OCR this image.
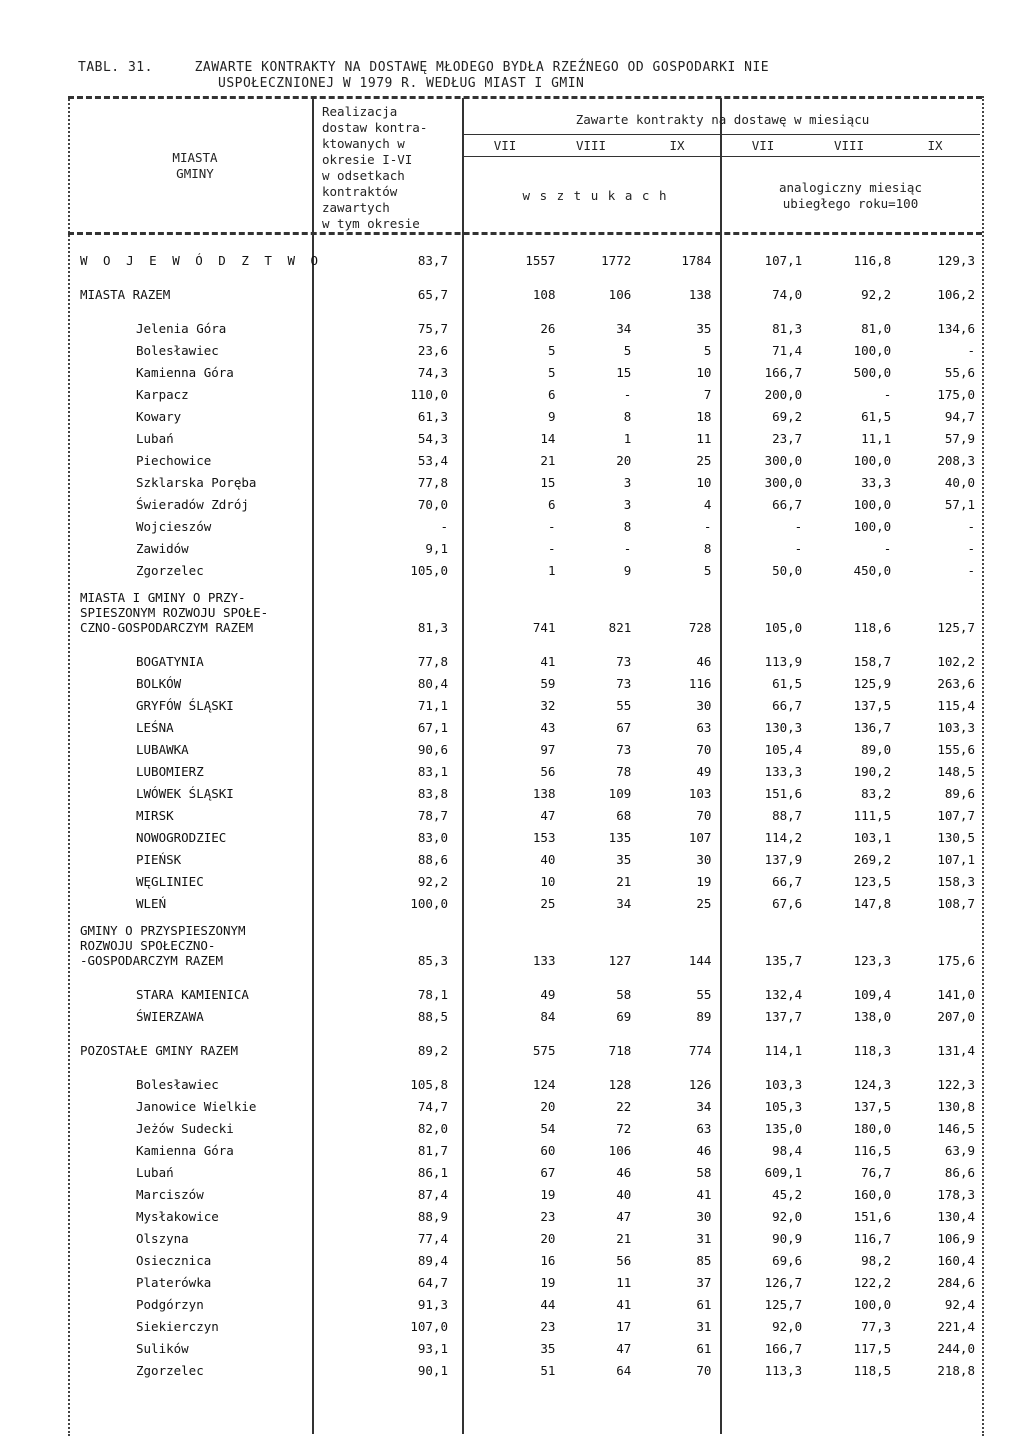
TABL. 31.     ZAWARTE KONTRAKTY NA DOSTAWĘ MŁODEGO BYDŁA RZEŹNEGO OD GOSPODARKI NIE
USPOŁECZNIONEJ W 1979 R. WEDŁUG MIAST I GMIN
MIASTA
GMINY
Realizacja
dostaw kontra-
ktowanych w
okresie I-VI
w odsetkach
kontraktów
zawartych
w tym okresie
Zawarte kontrakty na dostawę w miesiącu
VII	VIII	IX	VII	VIII	IX
w s z t u k a c h
analogiczny miesiąc
ubiegłego roku=100
W O J E W Ó D Z T W O	83,7	1557	1772	1784	107,1	116,8	129,3

MIASTA RAZEM	65,7	108	106	138	74,0	92,2	106,2

Jelenia Góra	75,7	26	34	35	81,3	81,0	134,6
Bolesławiec	23,6	5	5	5	71,4	100,0	-
Kamienna Góra	74,3	5	15	10	166,7	500,0	55,6
Karpacz	110,0	6	-	7	200,0	-	175,0
Kowary	61,3	9	8	18	69,2	61,5	94,7
Lubań	54,3	14	1	11	23,7	11,1	57,9
Piechowice	53,4	21	20	25	300,0	100,0	208,3
Szklarska Poręba	77,8	15	3	10	300,0	33,3	40,0
Świeradów Zdrój	70,0	6	3	4	66,7	100,0	57,1
Wojcieszów	-	-	8	-	-	100,0	-
Zawidów	9,1	-	-	8	-	-	-
Zgorzelec	105,0	1	9	5	50,0	450,0	-

MIASTA I GMINY O PRZY-
SPIESZONYM ROZWOJU SPOŁE-
CZNO-GOSPODARCZYM RAZEM	81,3	741	821	728	105,0	118,6	125,7

BOGATYNIA	77,8	41	73	46	113,9	158,7	102,2
BOLKÓW	80,4	59	73	116	61,5	125,9	263,6
GRYFÓW ŚLĄSKI	71,1	32	55	30	66,7	137,5	115,4
LEŚNA	67,1	43	67	63	130,3	136,7	103,3
LUBAWKA	90,6	97	73	70	105,4	89,0	155,6
LUBOMIERZ	83,1	56	78	49	133,3	190,2	148,5
LWÓWEK ŚLĄSKI	83,8	138	109	103	151,6	83,2	89,6
MIRSK	78,7	47	68	70	88,7	111,5	107,7
NOWOGRODZIEC	83,0	153	135	107	114,2	103,1	130,5
PIEŃSK	88,6	40	35	30	137,9	269,2	107,1
WĘGLINIEC	92,2	10	21	19	66,7	123,5	158,3
WLEŃ	100,0	25	34	25	67,6	147,8	108,7

GMINY O PRZYSPIESZONYM
ROZWOJU SPOŁECZNO-
-GOSPODARCZYM RAZEM	85,3	133	127	144	135,7	123,3	175,6

STARA KAMIENICA	78,1	49	58	55	132,4	109,4	141,0
ŚWIERZAWA	88,5	84	69	89	137,7	138,0	207,0

POZOSTAŁE GMINY RAZEM	89,2	575	718	774	114,1	118,3	131,4

Bolesławiec	105,8	124	128	126	103,3	124,3	122,3
Janowice Wielkie	74,7	20	22	34	105,3	137,5	130,8
Jeżów Sudecki	82,0	54	72	63	135,0	180,0	146,5
Kamienna Góra	81,7	60	106	46	98,4	116,5	63,9
Lubań	86,1	67	46	58	609,1	76,7	86,6
Marciszów	87,4	19	40	41	45,2	160,0	178,3
Mysłakowice	88,9	23	47	30	92,0	151,6	130,4
Olszyna	77,4	20	21	31	90,9	116,7	106,9
Osiecznica	89,4	16	56	85	69,6	98,2	160,4
Platerówka	64,7	19	11	37	126,7	122,2	284,6
Podgórzyn	91,3	44	41	61	125,7	100,0	92,4
Siekierczyn	107,0	23	17	31	92,0	77,3	221,4
Sulików	93,1	35	47	61	166,7	117,5	244,0
Zgorzelec	90,1	51	64	70	113,3	118,5	218,8
